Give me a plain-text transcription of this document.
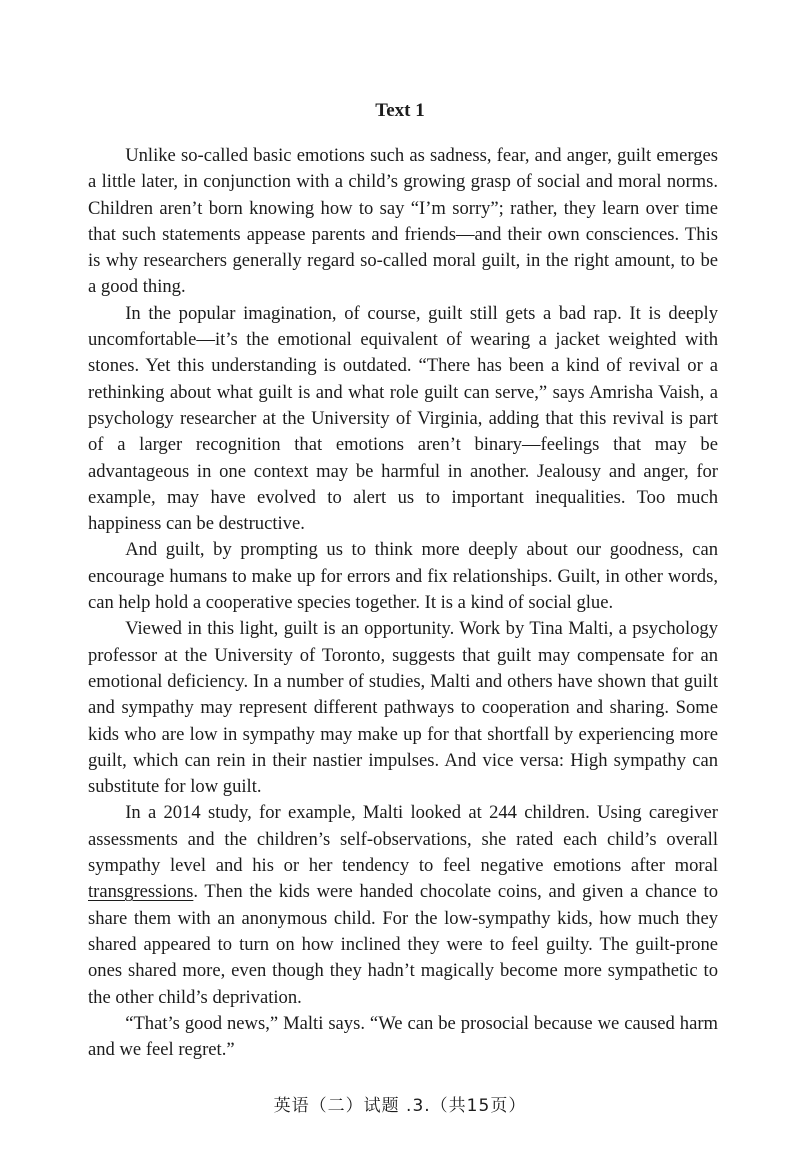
Text 1

Unlike so-called basic emotions such as sadness, fear, and anger, guilt emerges a little later, in conjunction with a child’s growing grasp of social and moral norms. Children aren’t born knowing how to say “I’m sorry”; rather, they learn over time that such statements appease parents and friends—and their own consciences. This is why researchers generally regard so-called moral guilt, in the right amount, to be a good thing.

In the popular imagination, of course, guilt still gets a bad rap. It is deeply uncomfortable—it’s the emotional equivalent of wearing a jacket weighted with stones. Yet this understanding is outdated. “There has been a kind of revival or a rethinking about what guilt is and what role guilt can serve,” says Amrisha Vaish, a psychology researcher at the University of Virginia, adding that this revival is part of a larger recognition that emotions aren’t binary—feelings that may be advantageous in one context may be harmful in another. Jealousy and anger, for example, may have evolved to alert us to important inequalities. Too much happiness can be destructive.

And guilt, by prompting us to think more deeply about our goodness, can encourage humans to make up for errors and fix relationships. Guilt, in other words, can help hold a cooperative species together. It is a kind of social glue.

Viewed in this light, guilt is an opportunity. Work by Tina Malti, a psychology professor at the University of Toronto, suggests that guilt may compensate for an emotional deficiency. In a number of studies, Malti and others have shown that guilt and sympathy may represent different pathways to cooperation and sharing. Some kids who are low in sympathy may make up for that shortfall by experiencing more guilt, which can rein in their nastier impulses. And vice versa: High sympathy can substitute for low guilt.

In a 2014 study, for example, Malti looked at 244 children. Using caregiver assessments and the children’s self-observations, she rated each child’s overall sympathy level and his or her tendency to feel negative emotions after moral transgressions. Then the kids were handed chocolate coins, and given a chance to share them with an anonymous child. For the low-sympathy kids, how much they shared appeared to turn on how inclined they were to feel guilty. The guilt-prone ones shared more, even though they hadn’t magically become more sympathetic to the other child’s deprivation.

“That’s good news,” Malti says. “We can be prosocial because we caused harm and we feel regret.”

英语（二）试题 .3.（共15页）
